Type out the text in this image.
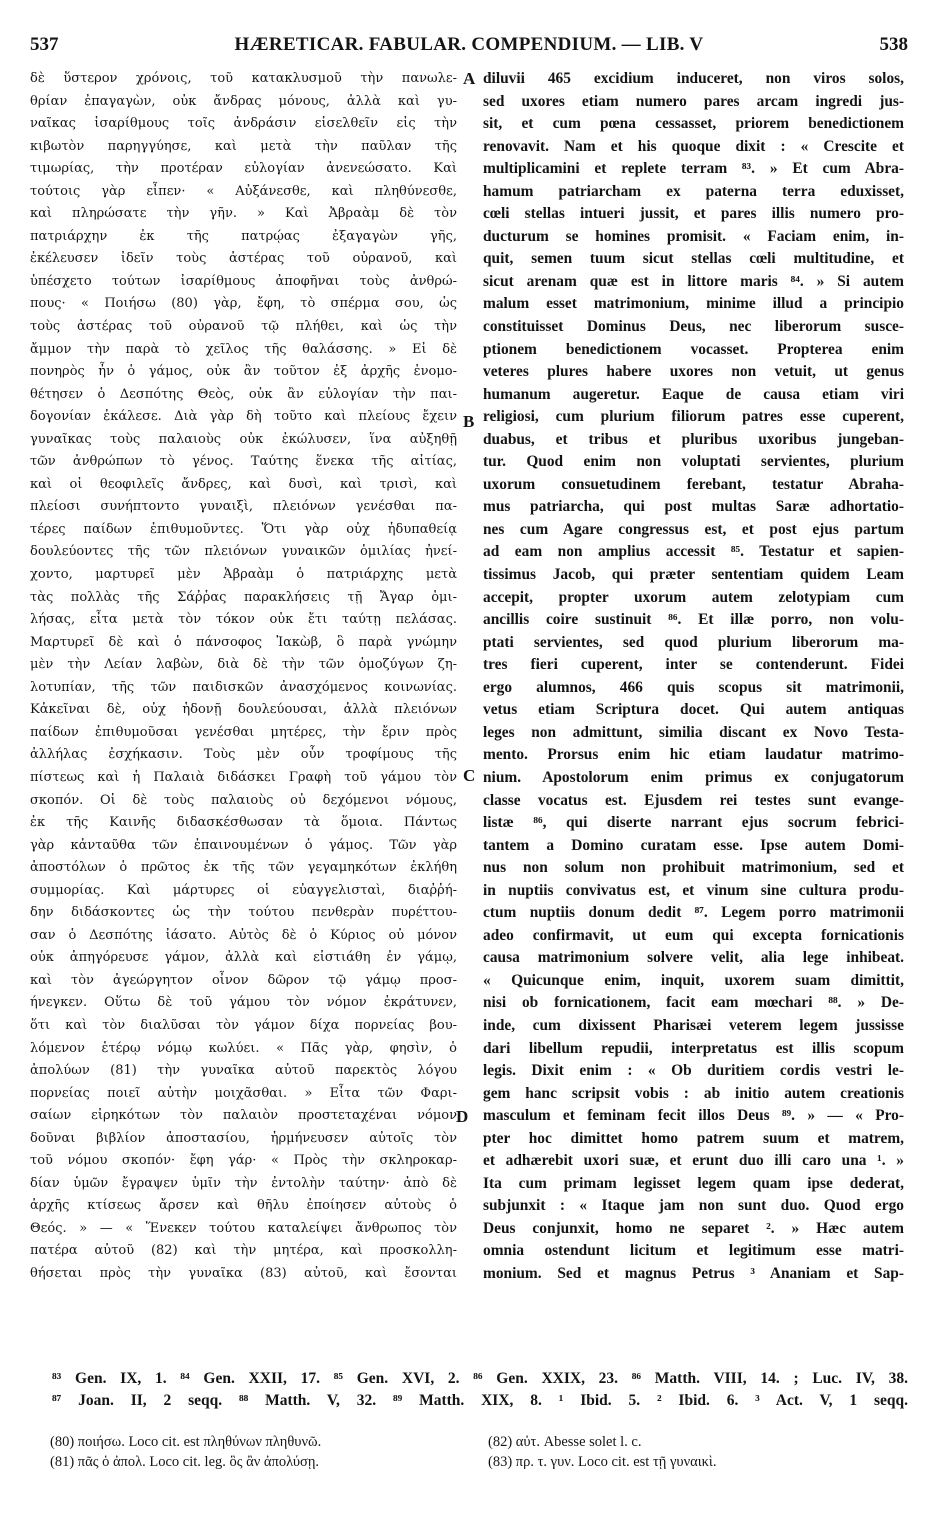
537	HÆRETICAR. FABULAR. COMPENDIUM. — LIB. V	538
δὲ ὕστερον χρόνοις, τοῦ κατακλυσμοῦ τὴν πανωλε-
θρίαν ἐπαγαγὼν, οὐκ ἄνδρας μόνους, ἀλλὰ καὶ γυ-
ναῖκας ἰσαρίθμους τοῖς ἀνδράσιν εἰσελθεῖν εἰς τὴν
κιβωτὸν παρηγγύησε, καὶ μετὰ τὴν παῦλαν τῆς
τιμωρίας, τὴν προτέραν εὐλογίαν ἀνενεώσατο. Καὶ
τούτοις γὰρ εἶπεν· « Αὐξάνεσθε, καὶ πληθύνεσθε,
καὶ πληρώσατε τὴν γῆν. » Καὶ Ἀβραὰμ δὲ τὸν
πατριάρχην ἐκ τῆς πατρῴας ἐξαγαγὼν γῆς,
ἐκέλευσεν ἰδεῖν τοὺς ἀστέρας τοῦ οὐρανοῦ, καὶ
ὑπέσχετο τούτων ἰσαρίθμους ἀποφῆναι τοὺς ἀνθρώ-
πους· « Ποιήσω (80) γὰρ, ἔφη, τὸ σπέρμα σου, ὡς
τοὺς ἀστέρας τοῦ οὐρανοῦ τῷ πλήθει, καὶ ὡς τὴν
ἄμμον τὴν παρὰ τὸ χεῖλος τῆς θαλάσσης. » Εἰ δὲ
πονηρὸς ἦν ὁ γάμος, οὐκ ἂν τοῦτον ἐξ ἀρχῆς ἐνομο-
θέτησεν ὁ Δεσπότης Θεὸς, οὐκ ἂν εὐλογίαν τὴν παι-
δογονίαν ἐκάλεσε. Διὰ γὰρ δὴ τοῦτο καὶ πλείους ἔχειν
γυναῖκας τοὺς παλαιοὺς οὐκ ἐκώλυσεν, ἵνα αὐξηθῇ
τῶν ἀνθρώπων τὸ γένος. Ταύτης ἕνεκα τῆς αἰτίας,
καὶ οἱ θεοφιλεῖς ἄνδρες, καὶ δυσὶ, καὶ τρισὶ, καὶ
πλείοσι συνήπτοντο γυναιξὶ, πλειόνων γενέσθαι πα-
τέρες παίδων ἐπιθυμοῦντες. Ὅτι γὰρ οὐχ ἡδυπαθείᾳ
δουλεύοντες τῆς τῶν πλειόνων γυναικῶν ὁμιλίας ἠνεί-
χοντο, μαρτυρεῖ μὲν Ἀβραὰμ ὁ πατριάρχης μετὰ
τὰς πολλὰς τῆς Σάῤῥας παρακλήσεις τῇ Ἄγαρ ὁμι-
λήσας, εἶτα μετὰ τὸν τόκον οὐκ ἔτι ταύτῃ πελάσας.
Μαρτυρεῖ δὲ καὶ ὁ πάνσοφος Ἰακὼβ, ὃ παρὰ γνώμην
μὲν τὴν Λείαν λαβὼν, διὰ δὲ τὴν τῶν ὁμοζύγων ζη-
λοτυπίαν, τῆς τῶν παιδισκῶν ἀνασχόμενος κοινωνίας.
Κἀκεῖναι δὲ, οὐχ ἡδονῇ δουλεύουσαι, ἀλλὰ πλειόνων
παίδων ἐπιθυμοῦσαι γενέσθαι μητέρες, τὴν ἔριν πρὸς
ἀλλήλας ἐσχήκασιν. Τοὺς μὲν οὖν τροφίμους τῆς
πίστεως καὶ ἡ Παλαιὰ διδάσκει Γραφὴ τοῦ γάμου τὸν
σκοπόν. Οἱ δὲ τοὺς παλαιοὺς οὐ δεχόμενοι νόμους,
ἐκ τῆς Καινῆς διδασκέσθωσαν τὰ ὅμοια. Πάντως
γὰρ κἀνταῦθα τῶν ἐπαινουμένων ὁ γάμος. Τῶν γὰρ
ἀποστόλων ὁ πρῶτος ἐκ τῆς τῶν γεγαμηκότων ἐκλήθη
συμμορίας. Καὶ μάρτυρες οἱ εὐαγγελισταὶ, διαῤῥή-
δην διδάσκοντες ὡς τὴν τούτου πενθερὰν πυρέττου-
σαν ὁ Δεσπότης ἰάσατο. Αὐτὸς δὲ ὁ Κύριος οὐ μόνον
οὐκ ἀπηγόρευσε γάμον, ἀλλὰ καὶ εἰστιάθη ἐν γάμῳ,
καὶ τὸν ἀγεώργητον οἶνον δῶρον τῷ γάμῳ προσ-
ήνεγκεν. Οὕτω δὲ τοῦ γάμου τὸν νόμον ἐκράτυνεν,
ὅτι καὶ τὸν διαλῦσαι τὸν γάμον δίχα πορνείας βου-
λόμενον ἑτέρῳ νόμῳ κωλύει. « Πᾶς γὰρ, φησὶν, ὁ
ἀπολύων (81) τὴν γυναῖκα αὐτοῦ παρεκτὸς λόγου
πορνείας ποιεῖ αὐτὴν μοιχᾶσθαι. » Εἶτα τῶν Φαρι-
σαίων εἰρηκότων τὸν παλαιὸν προστεταχέναι νόμον
δοῦναι βιβλίον ἀποστασίου, ἡρμήνευσεν αὐτοῖς τὸν
τοῦ νόμου σκοπόν· ἔφη γάρ· « Πρὸς τὴν σκληροκαρ-
δίαν ὑμῶν ἔγραψεν ὑμῖν τὴν ἐντολὴν ταύτην· ἀπὸ δὲ
ἀρχῆς κτίσεως ἄρσεν καὶ θῆλυ ἐποίησεν αὐτοὺς ὁ
Θεός. » — « Ἕνεκεν τούτου καταλείψει ἄνθρωπος τὸν
πατέρα αὐτοῦ (82) καὶ τὴν μητέρα, καὶ προσκολλη-
θήσεται πρὸς τὴν γυναῖκα (83) αὐτοῦ, καὶ ἔσονται
diluvii 465 excidium induceret, non viros solos,
sed uxores etiam numero pares arcam ingredi jus-
sit, et cum pœna cessasset, priorem benedictionem
renovavit. Nam et his quoque dixit : « Crescite et
multiplicamini et replete terram ⁸³. » Et cum Abra-
hamum patriarcham ex paterna terra eduxisset,
cœli stellas intueri jussit, et pares illis numero pro-
ducturum se homines promisit. « Faciam enim, in-
quit, semen tuum sicut stellas cœli multitudine, et
sicut arenam quæ est in littore maris ⁸⁴. » Si autem
malum esset matrimonium, minime illud a principio
constituisset Dominus Deus, nec liberorum susce-
ptionem benedictionem vocasset. Propterea enim
veteres plures habere uxores non vetuit, ut genus
humanum augeretur. Eaque de causa etiam viri
religiosi, cum plurium filiorum patres esse cuperent,
duabus, et tribus et pluribus uxoribus jungeban-
tur. Quod enim non voluptati servientes, plurium
uxorum consuetudinem ferebant, testatur Abraha-
mus patriarcha, qui post multas Saræ adhortatio-
nes cum Agare congressus est, et post ejus partum
ad eam non amplius accessit ⁸⁵. Testatur et sapien-
tissimus Jacob, qui præter sententiam quidem Leam
accepit, propter uxorum autem zelotypiam cum
ancillis coire sustinuit ⁸⁶. Et illæ porro, non volu-
ptati servientes, sed quod plurium liberorum ma-
tres fieri cuperent, inter se contenderunt. Fidei
ergo alumnos, 466 quis scopus sit matrimonii,
vetus etiam Scriptura docet. Qui autem antiquas
leges non admittunt, similia discant ex Novo Testa-
mento. Prorsus enim hic etiam laudatur matrimo-
nium. Apostolorum enim primus ex conjugatorum
classe vocatus est. Ejusdem rei testes sunt evange-
listæ ⁸⁶, qui diserte narrant ejus socrum febrici-
tantem a Domino curatam esse. Ipse autem Domi-
nus non solum non prohibuit matrimonium, sed et
in nuptiis convivatus est, et vinum sine cultura produ-
ctum nuptiis donum dedit ⁸⁷. Legem porro matrimonii
adeo confirmavit, ut eum qui excepta fornicationis
causa matrimonium solvere velit, alia lege inhibeat.
« Quicunque enim, inquit, uxorem suam dimittit,
nisi ob fornicationem, facit eam mœchari ⁸⁸. » De-
inde, cum dixissent Pharisæi veterem legem jussisse
dari libellum repudii, interpretatus est illis scopum
legis. Dixit enim : « Ob duritiem cordis vestri le-
gem hanc scripsit vobis : ab initio autem creationis
masculum et feminam fecit illos Deus ⁸⁹. » — « Pro-
pter hoc dimittet homo patrem suum et matrem,
et adhærebit uxori suæ, et erunt duo illi caro una ¹. »
Ita cum primam legisset legem quam ipse dederat,
subjunxit : « Itaque jam non sunt duo. Quod ergo
Deus conjunxit, homo ne separet ². » Hæc autem
omnia ostendunt licitum et legitimum esse matri-
monium. Sed et magnus Petrus ³ Ananiam et Sap-
A
B
C
D
⁸³ Gen. IX, 1. ⁸⁴ Gen. XXII, 17. ⁸⁵ Gen. XVI, 2. ⁸⁶ Gen. XXIX, 23. ⁸⁶ Matth. VIII, 14. ; Luc. IV, 38.
⁸⁷ Joan. II, 2 seqq. ⁸⁸ Matth. V, 32. ⁸⁹ Matth. XIX, 8. ¹ Ibid. 5. ² Ibid. 6. ³ Act. V, 1 seqq.
(80) ποιήσω. Loco cit. est πληθύνων πληθυνῶ.
(81) πᾶς ὁ ἀπολ. Loco cit. leg. ὃς ἂν ἀπολύσῃ.
(82) αὐτ. Abesse solet l. c.
(83) πρ. τ. γυν. Loco cit. est τῇ γυναικὶ.
